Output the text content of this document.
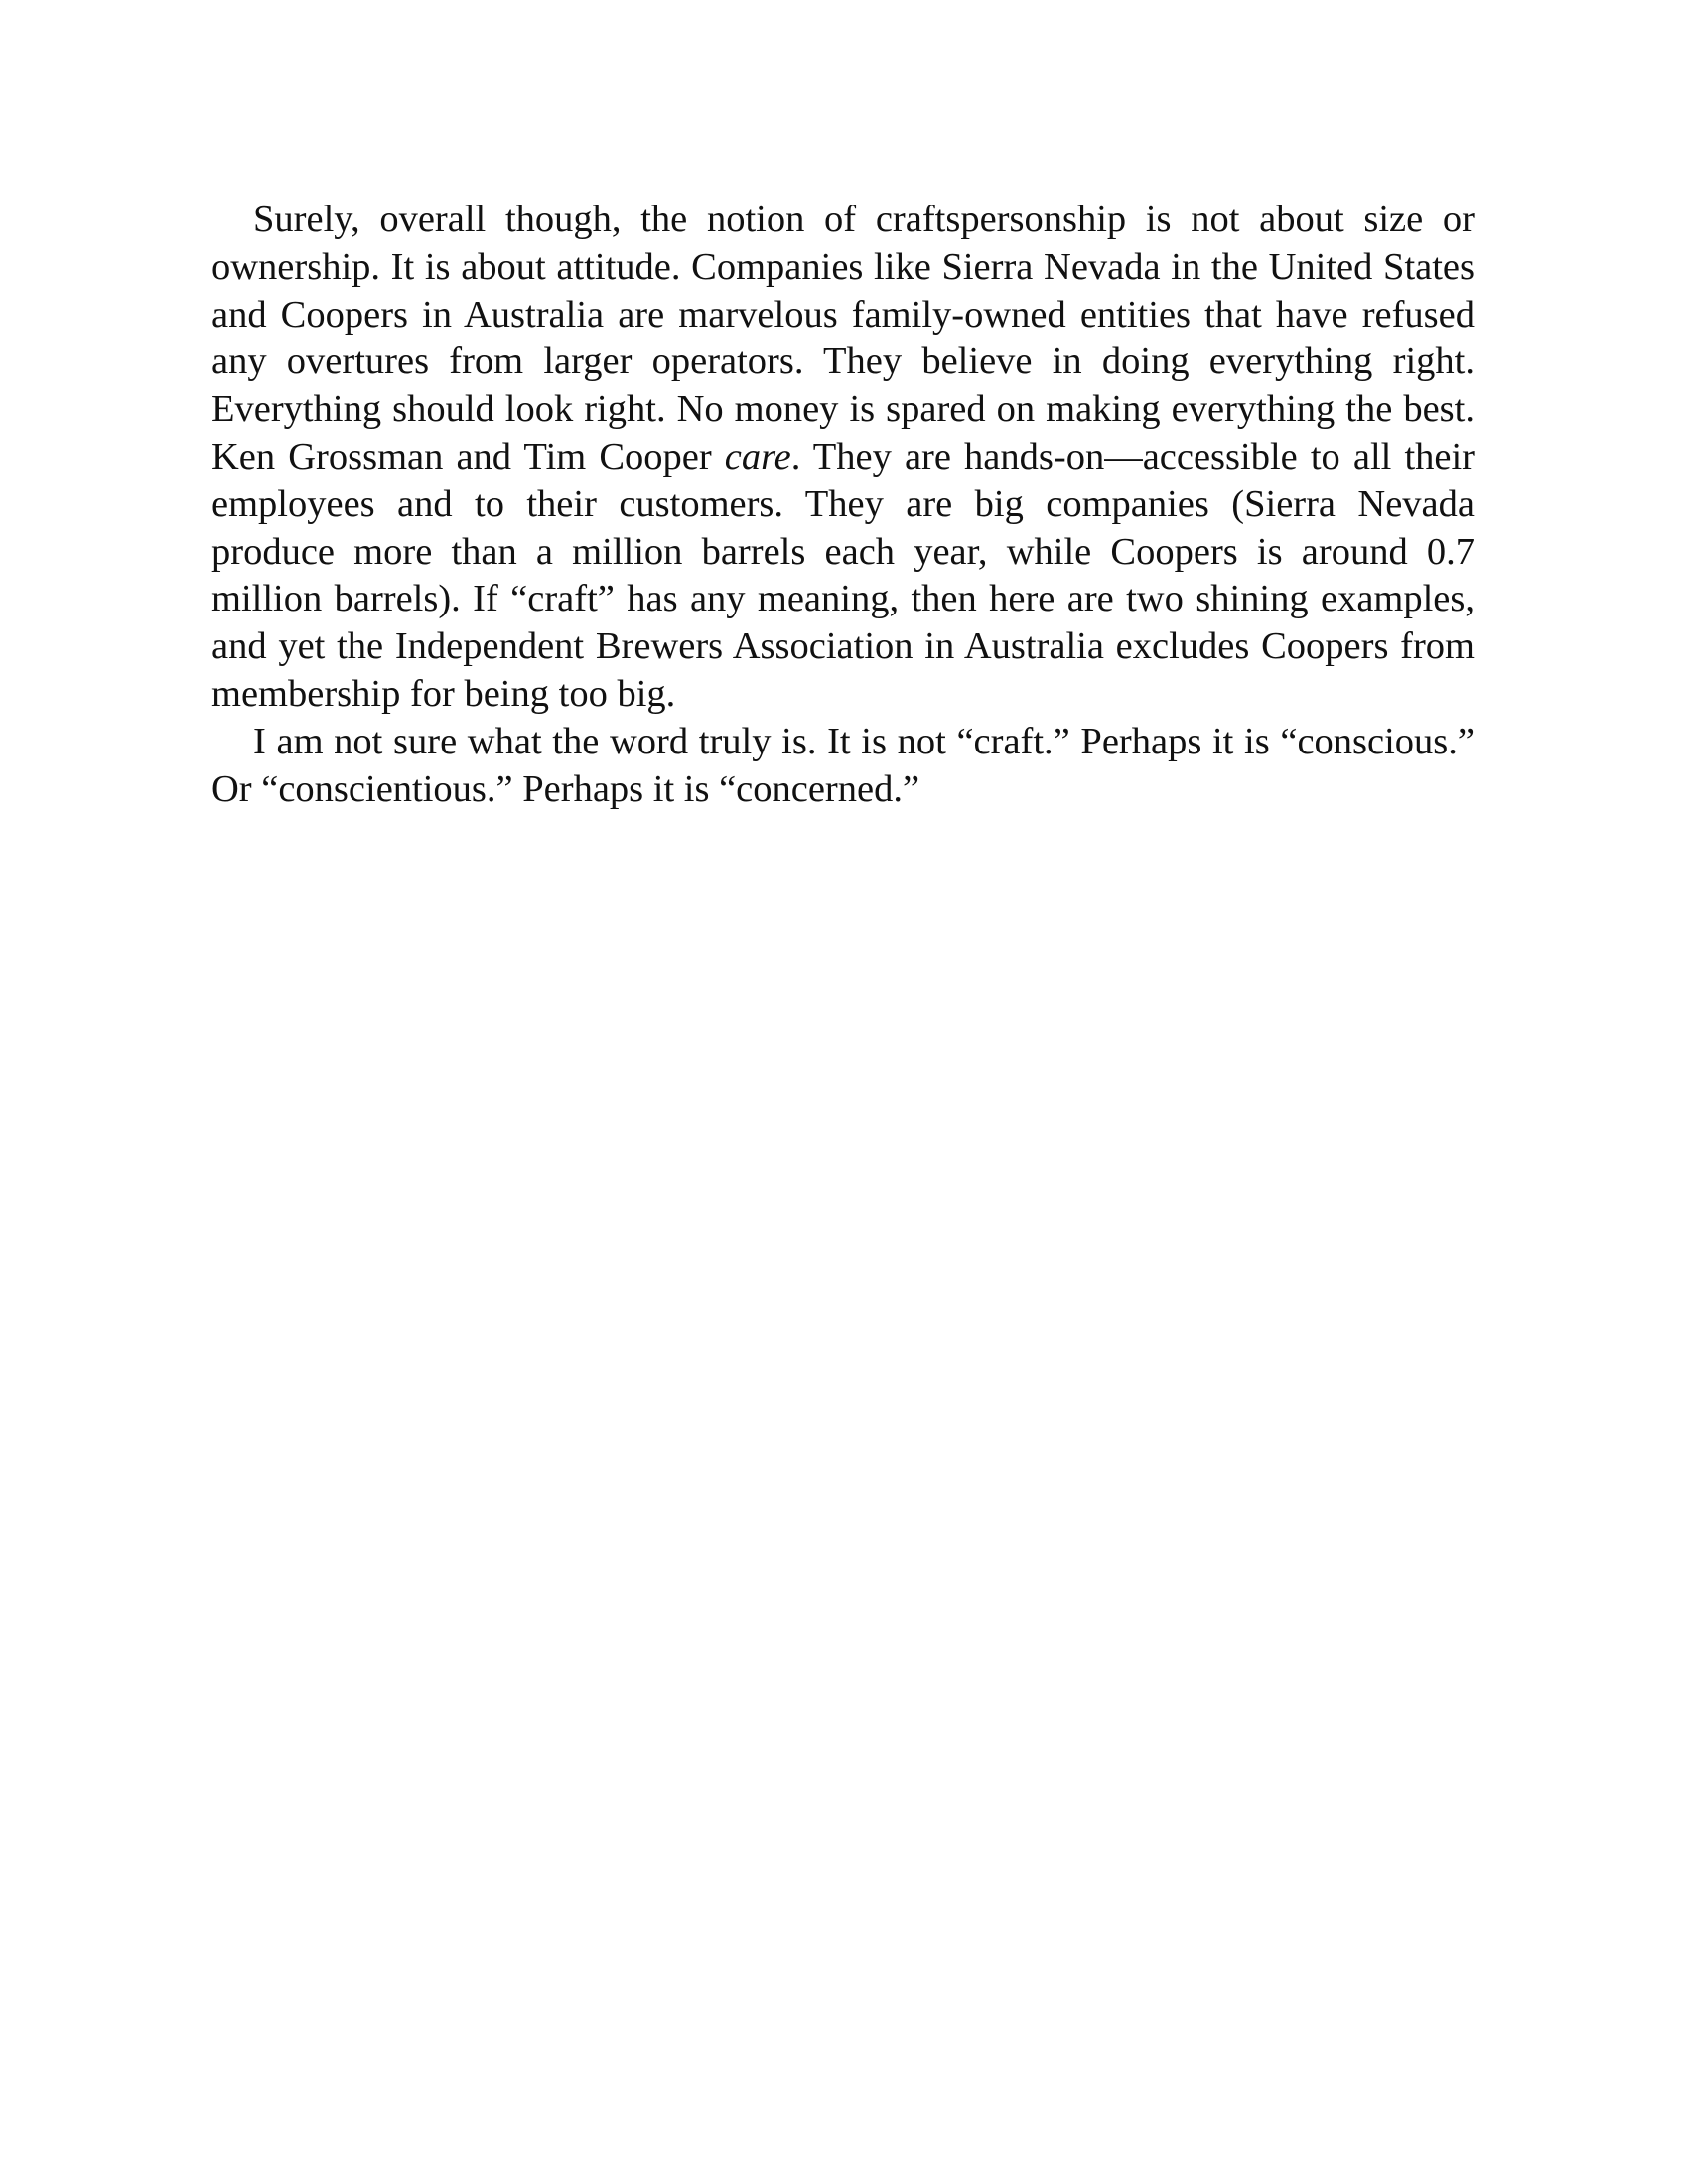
Surely, overall though, the notion of craftspersonship is not about size or ownership. It is about attitude. Companies like Sierra Nevada in the United States and Coopers in Australia are marvelous family-owned entities that have refused any overtures from larger operators. They believe in doing everything right. Everything should look right. No money is spared on making everything the best. Ken Grossman and Tim Cooper care. They are hands-on—accessible to all their employees and to their customers. They are big companies (Sierra Nevada produce more than a million barrels each year, while Coopers is around 0.7 million barrels). If “craft” has any meaning, then here are two shining examples, and yet the Independent Brewers Association in Australia excludes Coopers from membership for being too big.

I am not sure what the word truly is. It is not “craft.” Perhaps it is “conscious.” Or “conscientious.” Perhaps it is “concerned.”
